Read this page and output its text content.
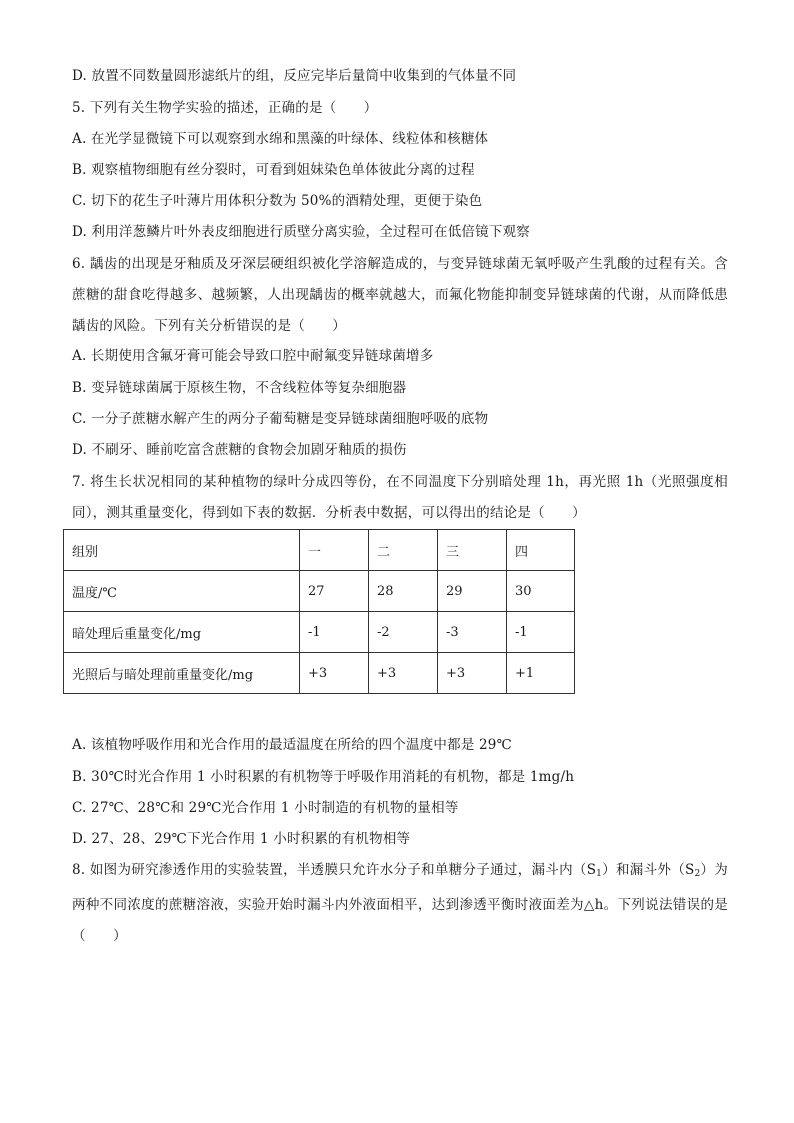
D. 放置不同数量圆形滤纸片的组，反应完毕后量筒中收集到的气体量不同
5. 下列有关生物学实验的描述，正确的是（　　）
A. 在光学显微镜下可以观察到水绵和黑藻的叶绿体、线粒体和核糖体
B. 观察植物细胞有丝分裂时，可看到姐妹染色单体彼此分离的过程
C. 切下的花生子叶薄片用体积分数为 50%的酒精处理，更便于染色
D. 利用洋葱鳞片叶外表皮细胞进行质壁分离实验，全过程可在低倍镜下观察
6. 龋齿的出现是牙釉质及牙深层硬组织被化学溶解造成的，与变异链球菌无氧呼吸产生乳酸的过程有关。含蔗糖的甜食吃得越多、越频繁，人出现龋齿的概率就越大，而氟化物能抑制变异链球菌的代谢，从而降低患龋齿的风险。下列有关分析错误的是（　　）
A. 长期使用含氟牙膏可能会导致口腔中耐氟变异链球菌增多
B. 变异链球菌属于原核生物，不含线粒体等复杂细胞器
C. 一分子蔗糖水解产生的两分子葡萄糖是变异链球菌细胞呼吸的底物
D. 不刷牙、睡前吃富含蔗糖的食物会加剧牙釉质的损伤
7. 将生长状况相同的某种植物的绿叶分成四等份，在不同温度下分别暗处理 1h，再光照 1h（光照强度相同），测其重量变化，得到如下表的数据．分析表中数据，可以得出的结论是（　　）
组别	一	二	三	四
温度/℃	27	28	29	30
暗处理后重量变化/mg	-1	-2	-3	-1
光照后与暗处理前重量变化/mg	+3	+3	+3	+1
A. 该植物呼吸作用和光合作用的最适温度在所给的四个温度中都是 29℃
B. 30℃时光合作用 1 小时积累的有机物等于呼吸作用消耗的有机物，都是 1mg/h
C. 27℃、28℃和 29℃光合作用 1 小时制造的有机物的量相等
D. 27、28、29℃下光合作用 1 小时积累的有机物相等
8. 如图为研究渗透作用的实验装置，半透膜只允许水分子和单糖分子通过，漏斗内$(S_1)$和漏斗外$(S_2)$为两种不同浓度的蔗糖溶液，实验开始时漏斗内外液面相平，达到渗透平衡时液面差为△h。下列说法错误的是（　　）
